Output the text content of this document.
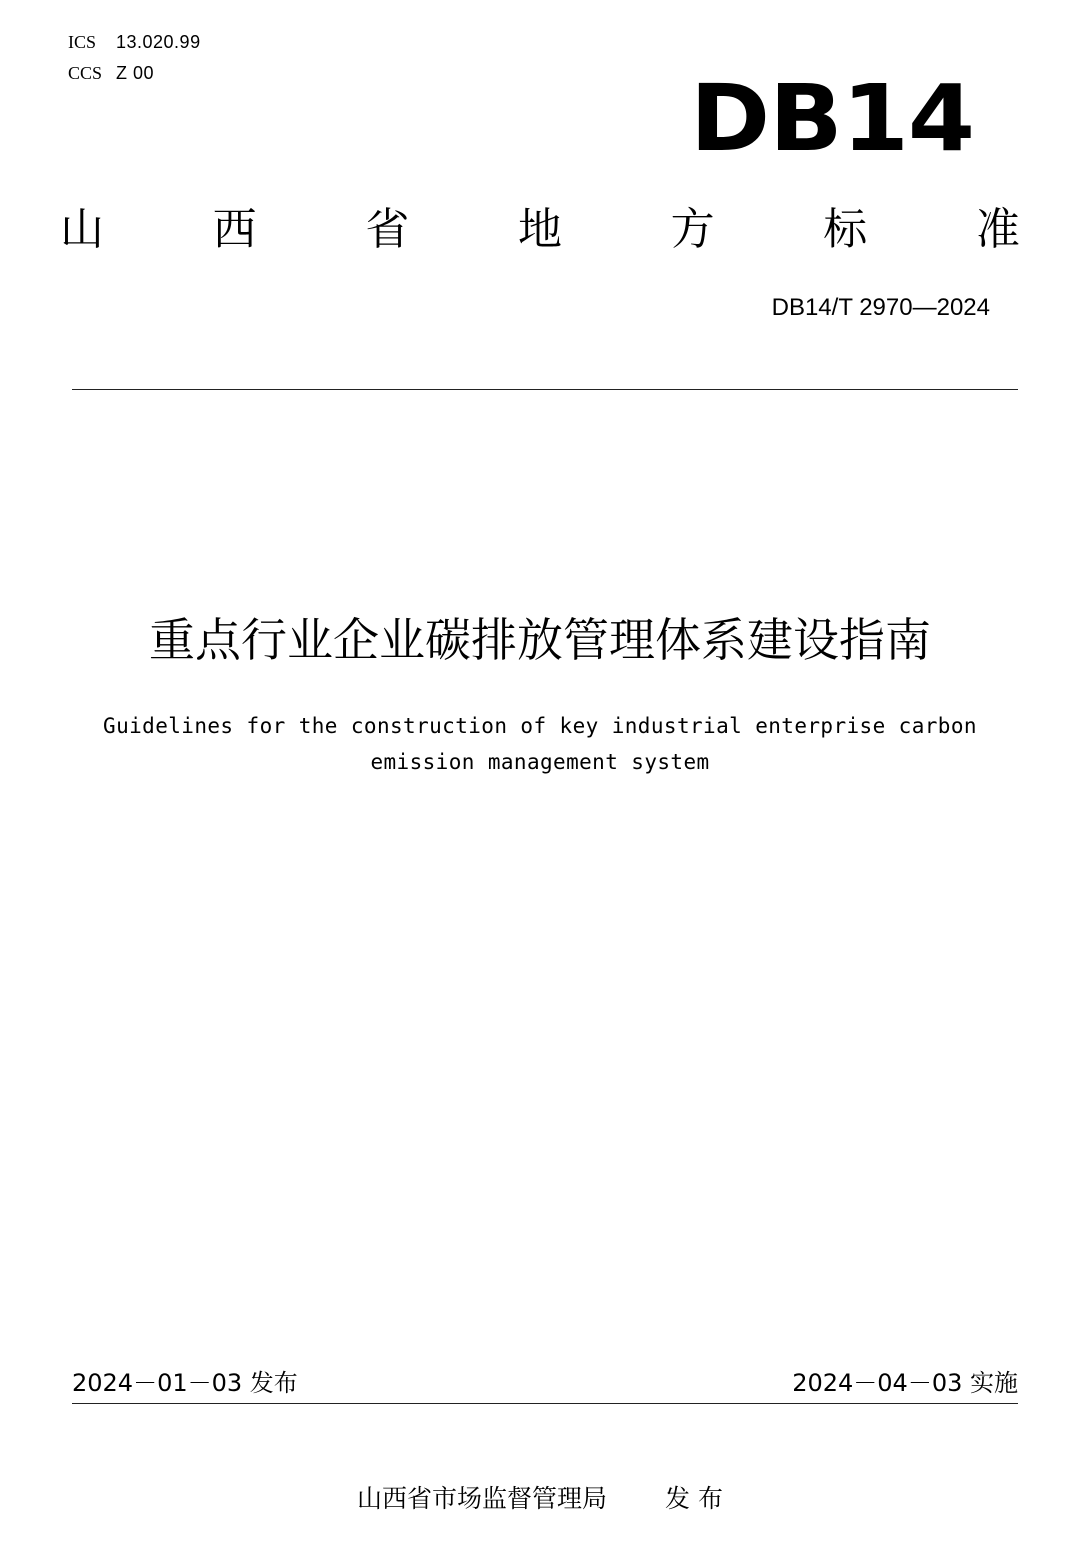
ICS 13.020.99
CCS Z 00	DB14
山 西 省 地 方 标 准
DB14/T 2970—2024
重点行业企业碳排放管理体系建设指南
Guidelines for the construction of key industrial enterprise carbon
emission management system
2024－01－03 发布	2024－04－03 实施
山西省市场监督管理局 发 布
